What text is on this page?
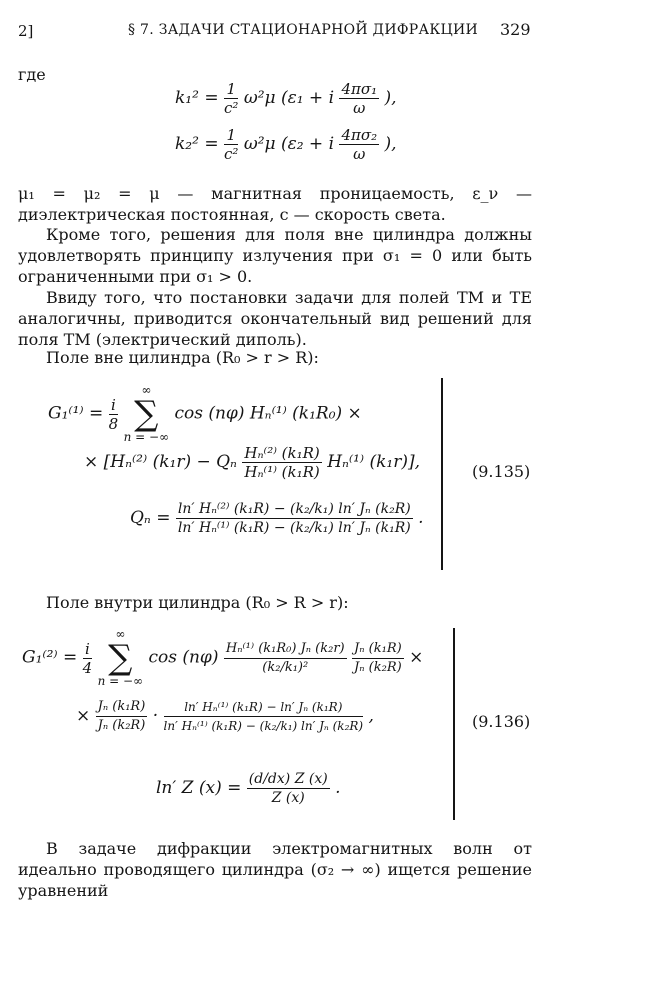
2]	§ 7. ЗАДАЧИ СТАЦИОНАРНОЙ ДИФРАКЦИИ 329
где
$k_1^2 = \frac{1}{\text{c²}} \omega^2\mu$ (ε₁ + i $\frac{\text{4πσ₁}}{\omega}$ ),
$k_2^2 = \frac{1}{\text{c²}} \omega^2\mu$ (ε₂ + i $\frac{\text{4πσ₂}}{\omega}$ ),
μ₁ = μ₂ = μ — магнитная проницаемость, ε_ν — диэлектрическая постоянная, c — скорость света.
Кроме того, решения для поля вне цилиндра должны удовлетворять принципу излучения при σ₁ = 0 или быть ограниченными при σ₁ > 0.
Ввиду того, что постановки задачи для полей TM и TE аналогичны, приводится окончательный вид решений для поля TM (электрический диполь).
Поле вне цилиндра (R₀ > r > R):
$G_1^{(1)} = \frac{i}{8}$
∞
∑
n = −∞ cos (nφ) Hₙ⁽¹⁾ (k₁R₀) ×
× [Hₙ⁽²⁾ (k₁r) − Qₙ $\frac{\text{Hₙ⁽²⁾ (k₁R)}}{\text{Hₙ⁽¹⁾ (k₁R)}} H_n^{(1)}$ (k₁r)],
$Q_n = \frac{\text{ln′ Hₙ⁽²⁾ (k₁R) − (k₂/k₁) ln′ Jₙ (k₂R)}}{\text{ln′ Hₙ⁽¹⁾ (k₁R) − (k₂/k₁) ln′ Jₙ (k₁R)}}$ .
(9.135)
Поле внутри цилиндра (R₀ > R > r):
$G_1^{(2)} = \frac{i}{4}$
∞
∑
n = −∞ $\cos (n\varphi) \frac{\text{Hₙ⁽¹⁾ (k₁R₀) Jₙ (k₂r)}}{\text{(k₂/k₁)²}}$
$\frac{\text{Jₙ (k₁R)}}{\text{Jₙ (k₂R)}}$ ×
× $\frac{\text{Jₙ (k₁R)}}{\text{Jₙ (k₂R)}} \cdot \frac{\text{ln′ Hₙ⁽¹⁾ (k₁R) − ln′ Jₙ (k₁R)}}{\text{ln′ Hₙ⁽¹⁾ (k₁R) − (k₂/k₁) ln′ Jₙ (k₂R)}}$ ,
ln′ Z $(x) = \frac{(d/dx) Z (x)}{Z (x)}$ .
(9.136)
В задаче дифракции электромагнитных волн от идеально проводящего цилиндра (σ₂ → ∞) ищется решение уравнений
